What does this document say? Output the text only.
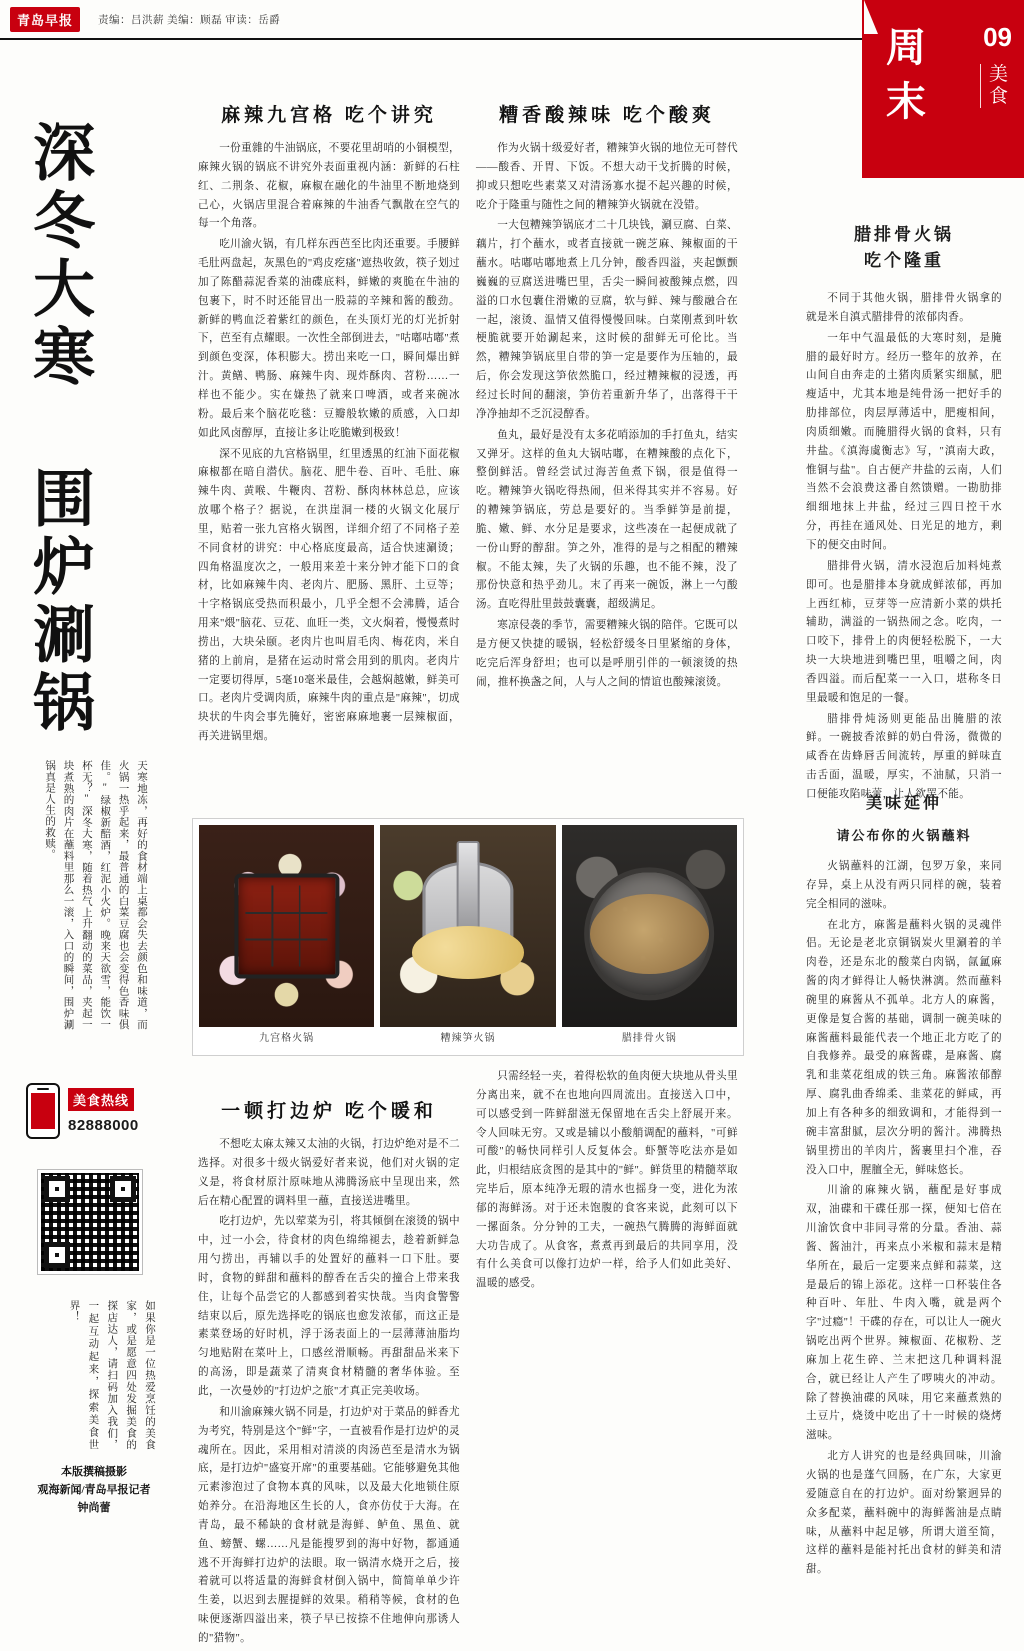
青岛早报	责编：吕洪薪 美编：顾磊 审读：岳爵
周
末
09
美
食
深冬大寒 围炉涮锅
天寒地冻，再好的食材端上桌都会失去颜色和味道，而火锅一热乎起来，最普通的白菜豆腐也会变得色香味俱佳。"绿椒新醅酒，红泥小火炉。晚来天欲雪，能饮一杯无？"深冬大寒，随着热气上升翻动的菜品，夹起一块煮熟的肉片在蘸料里那么一滚，入口的瞬间，围炉涮锅真是人生的救赎。
美食热线
82888000
如果你是一位热爱烹饪的美食家，或是愿意四处发掘美食的探店达人，请扫码加入我们，一起互动起来，探索美食世界！
本版撰稿摄影
观海新闻/青岛早报记者
钟尚蕾
麻辣九宫格 吃个讲究

一份重雜的牛油锅底，不要花里胡哨的小铜模型，麻辣火锅的锅底不讲究外表面重视内涵：新鲜的石柱红、二荆条、花椒，麻椒在融化的牛油里不断地烧到己心，火锅店里混合着麻辣的牛油香气飘散在空气的每一个角落。

吃川渝火锅，有几样东西芭至比肉还重要。手腰鲜毛肚两盘起，灰黑色的"鸡皮疙瘙"遮热收敛，筷子划过加了陈醋蒜泥香菜的油碟底料，鲜嫩的爽脆在牛油的包裹下，时不时还能冒出一股蒜的辛辣和酱的酸劲。新鲜的鸭血泛着紫红的颜色，在头顶灯光的灯光折射下，芭至有点耀眼。一次性全部倒进去，"咕嘟咕嘟"煮到颜色变深，体积膨大。捞出来吃一口，瞬间爆出鲜汁。黄鳝、鸭肠、麻辣牛肉、现炸酥肉、苕粉……一样也不能少。实在嫌热了就来口啤酒，或者来碗冰粉。最后来个脑花吃毯：豆瓣般软嫩的质感，入口却如此风卤醇厚，直接让多让吃脆嫩到极致！

深不见底的九宫格锅里，红里透黑的红油下面花椒麻椒都在暗自潜伏。脑花、肥牛卷、百叶、毛肚、麻辣牛肉、黄喉、牛鞭肉、苕粉、酥肉林林总总，应该放哪个格子？据说，在洪崖洞一楼的火锅文化展厅里，贴着一张九宫格火锅图，详细介绍了不同格子差不同食材的讲究：中心格底度最高，适合快速涮烫；四角格温度次之，一般用来差十来分钟才能下口的食材，比如麻辣牛肉、老肉片、肥肠、黑肝、土豆等；十字格锅底受热而积最小，几乎全想不会沸腾，适合用来"煨"脑花、豆花、血旺一类，文火焖着，慢慢煮时捞出，大块朵颐。老肉片也叫眉毛肉、梅花肉，米自猪的上前肩，是猪在运动时常会用到的肌肉。老肉片一定要切得厚，5毫10毫米最佳，会越焖越嫩，鲜美可口。老肉片受调肉质，麻辣牛肉的重点是"麻辣"，切成块状的牛肉会事先腌好，密密麻麻地裹一层辣椒面，再关进锅里烟。

糟香酸辣味 吃个酸爽

作为火锅十级爱好者，糟辣笋火锅的地位无可替代——酸香、开胃、下饭。不想大动干戈折腾的时候，抑或只想吃些素菜又对清汤寡水提不起兴趣的时候，吃介于隆重与随性之间的糟辣笋火锅就在没错。

一大包糟辣笋锅底才二十几块钱，涮豆腐、白菜、藕片，打个蘸水，或者直接就一碗芝麻、辣椒面的干蘸水。咕嘟咕嘟地煮上几分钟，酸香四溢，夹起颤颤巍巍的豆腐送进嘴巴里，舌尖一瞬间被酸辣点燃，四溢的口水包囊住滑嫩的豆腐，软与鲜、辣与酸融合在一起，滚烫、温情又值得慢慢回味。白菜刚煮到叶软梗脆就要开始涮起来，这时候的甜鲜无可伦比。当然，糟辣笋锅底里自带的笋一定是要作为压轴的，最后，你会发现这笋依然脆口，经过糟辣椒的浸透，再经过长时间的翻滚，笋仿若重新升华了，出落得干干净净抽却不乏沉浸醇香。

鱼丸，最好是没有太多花哨添加的手打鱼丸，结实又弹牙。这样的鱼丸大锅咕嘟，在糟辣酸的点化下，整倒鲜活。曾经尝试过海苦鱼煮下锅，很是值得一吃。糟辣笋火锅吃得热闹，但米得其实并不容易。好的糟辣笋锅底，劳总是要好的。当季鲜笋是前提，脆、嫩、鲜、水分足是要求，这些凑在一起便成就了一份山野的醇甜。笋之外，准得的是与之相配的糟辣椒。不能太辣，失了火锅的乐趣，也不能不辣，没了那份快意和热乎劲儿。末了再来一碗饭，淋上一勺酸汤。直吃得肚里鼓鼓囊囊，超级满足。

寒凉侵袭的季节，需要糟辣火锅的陪伴。它既可以是方便又快捷的暖锅，轻松舒缓冬日里紧缩的身体，吃完后浑身舒坦；也可以是呼朋引伴的一顿滚烫的热闹，推杯换盏之间，人与人之间的情谊也酸辣滚烫。

九宫格火锅	糟辣笋火锅	腊排骨火锅
一顿打边炉 吃个暖和

不想吃太麻太辣又太油的火锅，打边炉绝对是不二选择。对很多十级火锅爱好者来说，他们对火锅的定义是，将食材原汁原味地从沸腾汤底中呈现出来，然后在精心配置的调料里一蘸，直接送进嘴里。

吃打边炉，先以荤菜为引，将其倾倒在滚烫的锅中中，过一小会，待食材的肉色绵绵褪去，趁着新鲜急用勺捞出，再辅以手的处置好的蘸料一口下肚。要时，食物的鲜甜和蘸料的醇香在舌尖的撞合上带来我住，让每个品尝它的人都感到着实快哉。当肉食警警结束以后，原先选择吃的锅底也愈发浓郁，而这正是素菜登场的好时机，浮于汤表面上的一层薄薄油脂均匀地贴附在菜叶上，口感丝滑顺畅。再甜甜品米来下的高汤，即是蔬菜了清爽食材精髓的奢华体验。至此，一次曼妙的"打边炉之旅"才真正完美收场。

和川渝麻辣火锅不同是，打边炉对于菜品的鲜香尤为考究，特别是这个"鲜"字，一直被看作是打边炉的灵魂所在。因此，采用相对清淡的肉汤芭至是清水为锅底，是打边炉"盛宴开席"的重要基础。它能够避免其他元素渗泡过了食物本真的风味，以及最大化地锁住原始养分。在沿海地区生长的人，食亦仿仗于大海。在青岛，最不稀缺的食材就是海鲜、鲈鱼、黑鱼、就鱼、螃蟹、螺……凡是能搜罗到的海中好物，都通通逃不开海鲜打边炉的法眼。取一锅清水烧开之后，接着就可以将适量的海鲜食材倒入锅中，简简单单少许生姜，以迟到去腥提鲜的效果。稍稍等候，食材的色味便逐渐四溢出来，筷子早已按捺不住地伸向那诱人的"猎物"。

只需经轻一夹，着得松软的鱼肉便大块地从骨头里分离出来，就不在也地向四周流出。直接送入口中，可以感受到一阵鲜甜滋无保留地在舌尖上舒展开来。令人回味无穷。又或是辅以小酸艄调配的蘸料，"可鲜可酸"的畅快同样引人反复体会。虾蟹等吃法亦是如此，归根结底贪图的是其中的"鲜"。鲜货里的精髓萃取完毕后，原本纯净无瑕的清水也摇身一变，进化为浓郁的海鲜汤。对于还未饱腹的食客来说，此刻可以下一摞面条。分分钟的工夫，一碗热气腾腾的海鲜面就大功告成了。从食客，煮煮再到最后的共同享用，没有什么美食可以像打边炉一样，给予人们如此美好、温暖的感受。

腊排骨火锅
吃个隆重

不同于其他火锅，腊排骨火锅拿的就是米自滇式腊排骨的浓郁肉香。

一年中气温最低的大寒时刻，是腌腊的最好时方。经历一整年的放养，在山间自由奔走的土猪肉质紧实细腻，肥瘦适中，尤其本地是纯骨汤一把好手的肋排部位，肉层厚薄适中，肥瘦相间，肉质细嫩。而腌腊得火锅的食料，只有井盐。《滇海虞衡志》写，"滇南大政，惟铜与盐"。自古便产井盐的云南，人们当然不会浪费这番自然馈赠。一勘肋排细细地抹上井盐，经过三四日控干水分，再挂在通风处、日光足的地方，剩下的便交由时间。

腊排骨火锅，清水浸泡后加料炖煮即可。也是腊排本身就成鲜浓郁，再加上西红柿，豆芽等一应清新小菜的烘托辅助，满溢的一锅热闹之念。吃肉，一口咬下，排骨上的肉便轻松脱下，一大块一大块地进到嘴巴里，咀嚼之间，肉香四溢。而后配菜一一入口，堪称冬日里最暖和饱足的一餐。

腊排骨炖汤则更能品出腌腊的浓鲜。一碗披香浓鲜的奶白骨汤，微微的咸香在齿蜂唇舌间流转，厚重的鲜味直击舌面，温暖，厚实，不油腻，只消一口便能攻陷味蕾，让人欲罢不能。

美味延伸
请公布你的火锅蘸料

火锅蘸料的江湖，包罗万象，来同存异，桌上从没有两只同样的碗，装着完全相同的滋味。

在北方，麻酱是蘸料火锅的灵魂伴侣。无论是老北京铜锅炭火里涮着的羊肉卷，还是东北的酸菜白肉锅，氤氲麻酱的肉才鲜得让人畅快淋漓。然而蘸料碗里的麻酱从不孤单。北方人的麻酱，更像是复合酱的基础，调制一碗美味的麻酱蘸料最能代表一个地正北方吃了的自我修养。最受的麻酱碟，是麻酱、腐乳和韭菜花组成的铁三角。麻酱浓郁醇厚、腐乳曲香绵柔、韭菜花的鲜咸，再加上有各种多的细致调和，才能得到一碗丰富甜腻，层次分明的酱汁。沸腾热锅里捞出的羊肉片，酱裹里扫个准，吞没入口中，腥膻全无，鲜味悠长。

川渝的麻辣火锅，蘸配是好事成双，油碟和干碟任那一探，便知七倍在川渝饮食中非同寻常的分量。香油、蒜酱、酱油汁，再来点小米椒和蒜末是精华所在，最后一定要来点鲜和蒜菜，这是最后的锦上添花。这样一口杯装住各种百叶、年肚、牛肉入嘴，就是两个字"过瘾"！干碟的存在，可以让人一碗火锅吃出两个世界。辣椒面、花椒粉、芝麻加上花生碎、兰末把这几种调料混合，就已经让人产生了啰咦火的冲动。除了替换油碟的风味，用它来蘸煮熟的土豆片，烧烫中吃出了十一时候的烧烤滋味。

北方人讲究的也是经典回味，川渝火锅的也是蓬气回肠，在广东，大家更爱随意自在的打边炉。面对纷繁迥异的众多配菜，蘸料碗中的海鲜酱油是点睛味，从蘸料中起足够，所谓大道至简，这样的蘸料是能衬托出食材的鲜美和清甜。
